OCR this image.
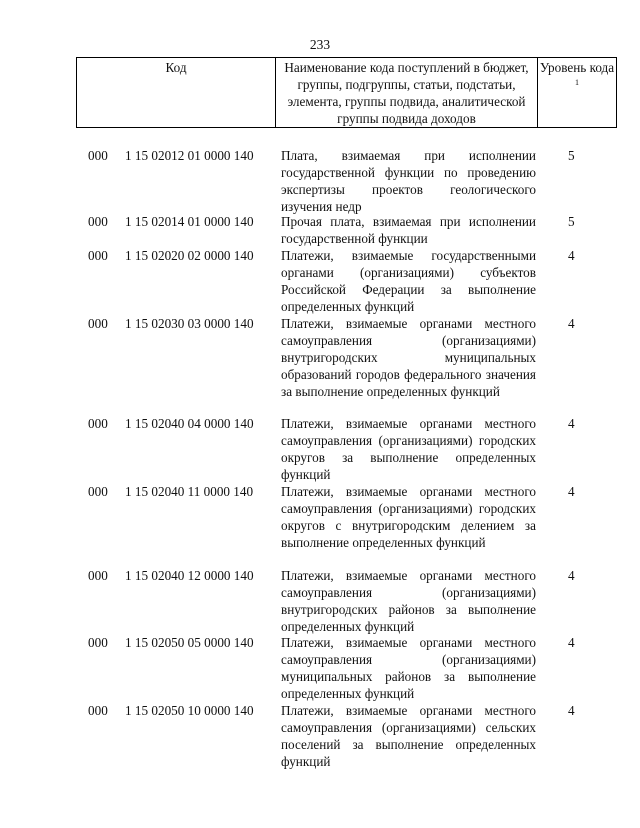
233
Код	Наименование кода поступлений в бюджет, группы, подгруппы, статьи, подстатьи, элемента, группы подвида, аналитической группы подвида доходов
Уровень кода $^1$
000 1 15 02012 01 0000 140 Плата, взимаемая при исполнении государственной функции по проведению экспертизы проектов геологического изучения недр
5
000 1 15 02014 01 0000 140 Прочая плата, взимаемая при исполнении государственной функции
5
000 1 15 02020 02 0000 140 Платежи, взимаемые государственными органами (организациями) субъектов Российской Федерации за выполнение определенных функций
4
000 1 15 02030 03 0000 140 Платежи, взимаемые органами местного самоуправления (организациями) внутригородских муниципальных образований городов федерального значения за выполнение определенных функций
4
000 1 15 02040 04 0000 140 Платежи, взимаемые органами местного самоуправления (организациями) городских округов за выполнение определенных функций
4
000 1 15 02040 11 0000 140 Платежи, взимаемые органами местного самоуправления (организациями) городских округов с внутригородским делением за выполнение определенных функций
4
000 1 15 02040 12 0000 140 Платежи, взимаемые органами местного самоуправления (организациями) внутригородских районов за выполнение определенных функций
4
000 1 15 02050 05 0000 140 Платежи, взимаемые органами местного самоуправления (организациями) муниципальных районов за выполнение определенных функций
4
000 1 15 02050 10 0000 140 Платежи, взимаемые органами местного самоуправления (организациями) сельских поселений за выполнение определенных функций
4
